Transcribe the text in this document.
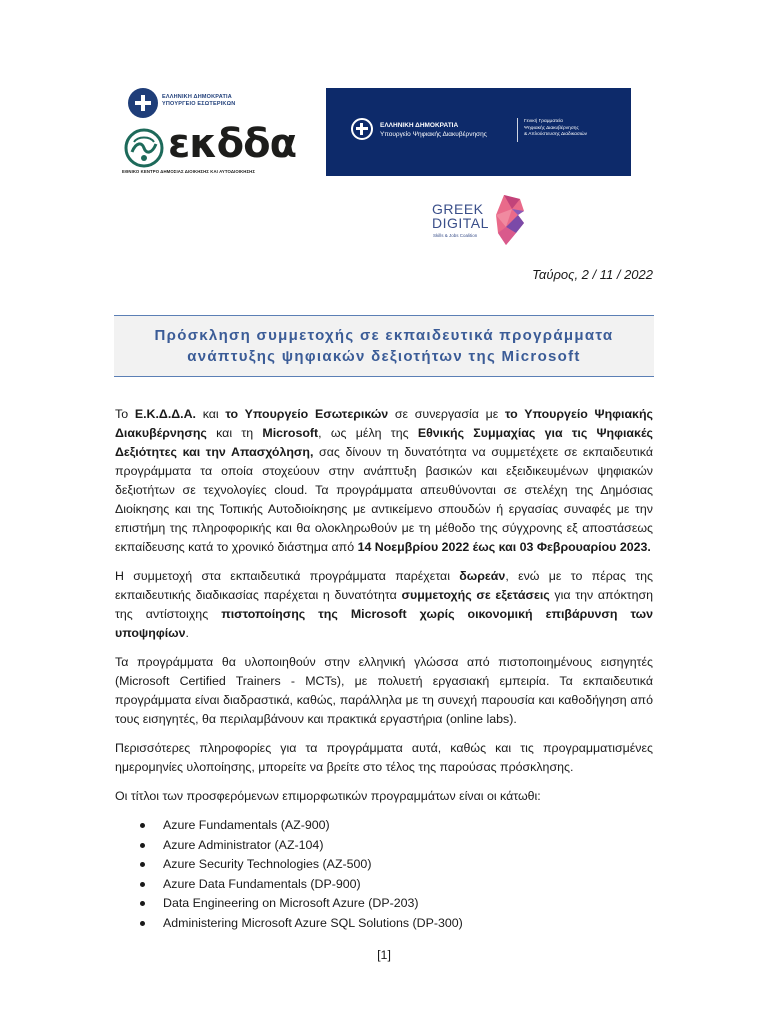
ΕΛΛΗΝΙΚΗ ΔΗΜΟΚΡΑΤΙΑ
ΥΠΟΥΡΓΕΙΟ ΕΣΩΤΕΡΙΚΩΝ
εκδδα
ΕΘΝΙΚΟ ΚΕΝΤΡΟ ΔΗΜΟΣΙΑΣ ΔΙΟΙΚΗΣΗΣ ΚΑΙ ΑΥΤΟΔΙΟΙΚΗΣΗΣ
ΕΛΛΗΝΙΚΗ ΔΗΜΟΚΡΑΤΙΑ
Υπουργείο Ψηφιακής Διακυβέρνησης
Γενική Γραμματεία
Ψηφιακής Διακυβέρνησης
& Απλούστευσης Διαδικασιών
GREEK
DIGITAL
Skills & Jobs Coalition
Ταύρος, 2 / 11 / 2022
Πρόσκληση συμμετοχής σε εκπαιδευτικά προγράμματα
ανάπτυξης ψηφιακών δεξιοτήτων της Microsoft

Το Ε.Κ.Δ.Δ.Α. και το Υπουργείο Εσωτερικών σε συνεργασία με το Υπουργείο Ψηφιακής Διακυβέρνησης και τη Microsoft, ως μέλη της Εθνικής Συμμαχίας για τις Ψηφιακές Δεξιότητες και την Απασχόληση, σας δίνουν τη δυνατότητα να συμμετέχετε σε εκπαιδευτικά προγράμματα τα οποία στοχεύουν στην ανάπτυξη βασικών και εξειδικευμένων ψηφιακών δεξιοτήτων σε τεχνολογίες cloud. Τα προγράμματα απευθύνονται σε στελέχη της Δημόσιας Διοίκησης και της Τοπικής Αυτοδιοίκησης με αντικείμενο σπουδών ή εργασίας συναφές με την επιστήμη της πληροφορικής και θα ολοκληρωθούν με τη μέθοδο της σύγχρονης εξ αποστάσεως εκπαίδευσης κατά το χρονικό διάστημα από 14 Νοεμβρίου 2022 έως και 03 Φεβρουαρίου 2023.

Η συμμετοχή στα εκπαιδευτικά προγράμματα παρέχεται δωρεάν, ενώ με το πέρας της εκπαιδευτικής διαδικασίας παρέχεται η δυνατότητα συμμετοχής σε εξετάσεις για την απόκτηση της αντίστοιχης πιστοποίησης της Microsoft χωρίς οικονομική επιβάρυνση των υποψηφίων.

Τα προγράμματα θα υλοποιηθούν στην ελληνική γλώσσα από πιστοποιημένους εισηγητές (Microsoft Certified Trainers - MCTs), με πολυετή εργασιακή εμπειρία. Τα εκπαιδευτικά προγράμματα είναι διαδραστικά, καθώς, παράλληλα με τη συνεχή παρουσία και καθοδήγηση από τους εισηγητές, θα περιλαμβάνουν και πρακτικά εργαστήρια (online labs).

Περισσότερες πληροφορίες για τα προγράμματα αυτά, καθώς και τις προγραμματισμένες ημερομηνίες υλοποίησης, μπορείτε να βρείτε στο τέλος της παρούσας πρόσκλησης.

Οι τίτλοι των προσφερόμενων επιμορφωτικών προγραμμάτων είναι οι κάτωθι:

Azure Fundamentals (AZ-900)
Azure Administrator (AZ-104)
Azure Security Technologies (AZ-500)
Azure Data Fundamentals (DP-900)
Data Engineering on Microsoft Azure (DP-203)
Administering Microsoft Azure SQL Solutions (DP-300)
[1]
